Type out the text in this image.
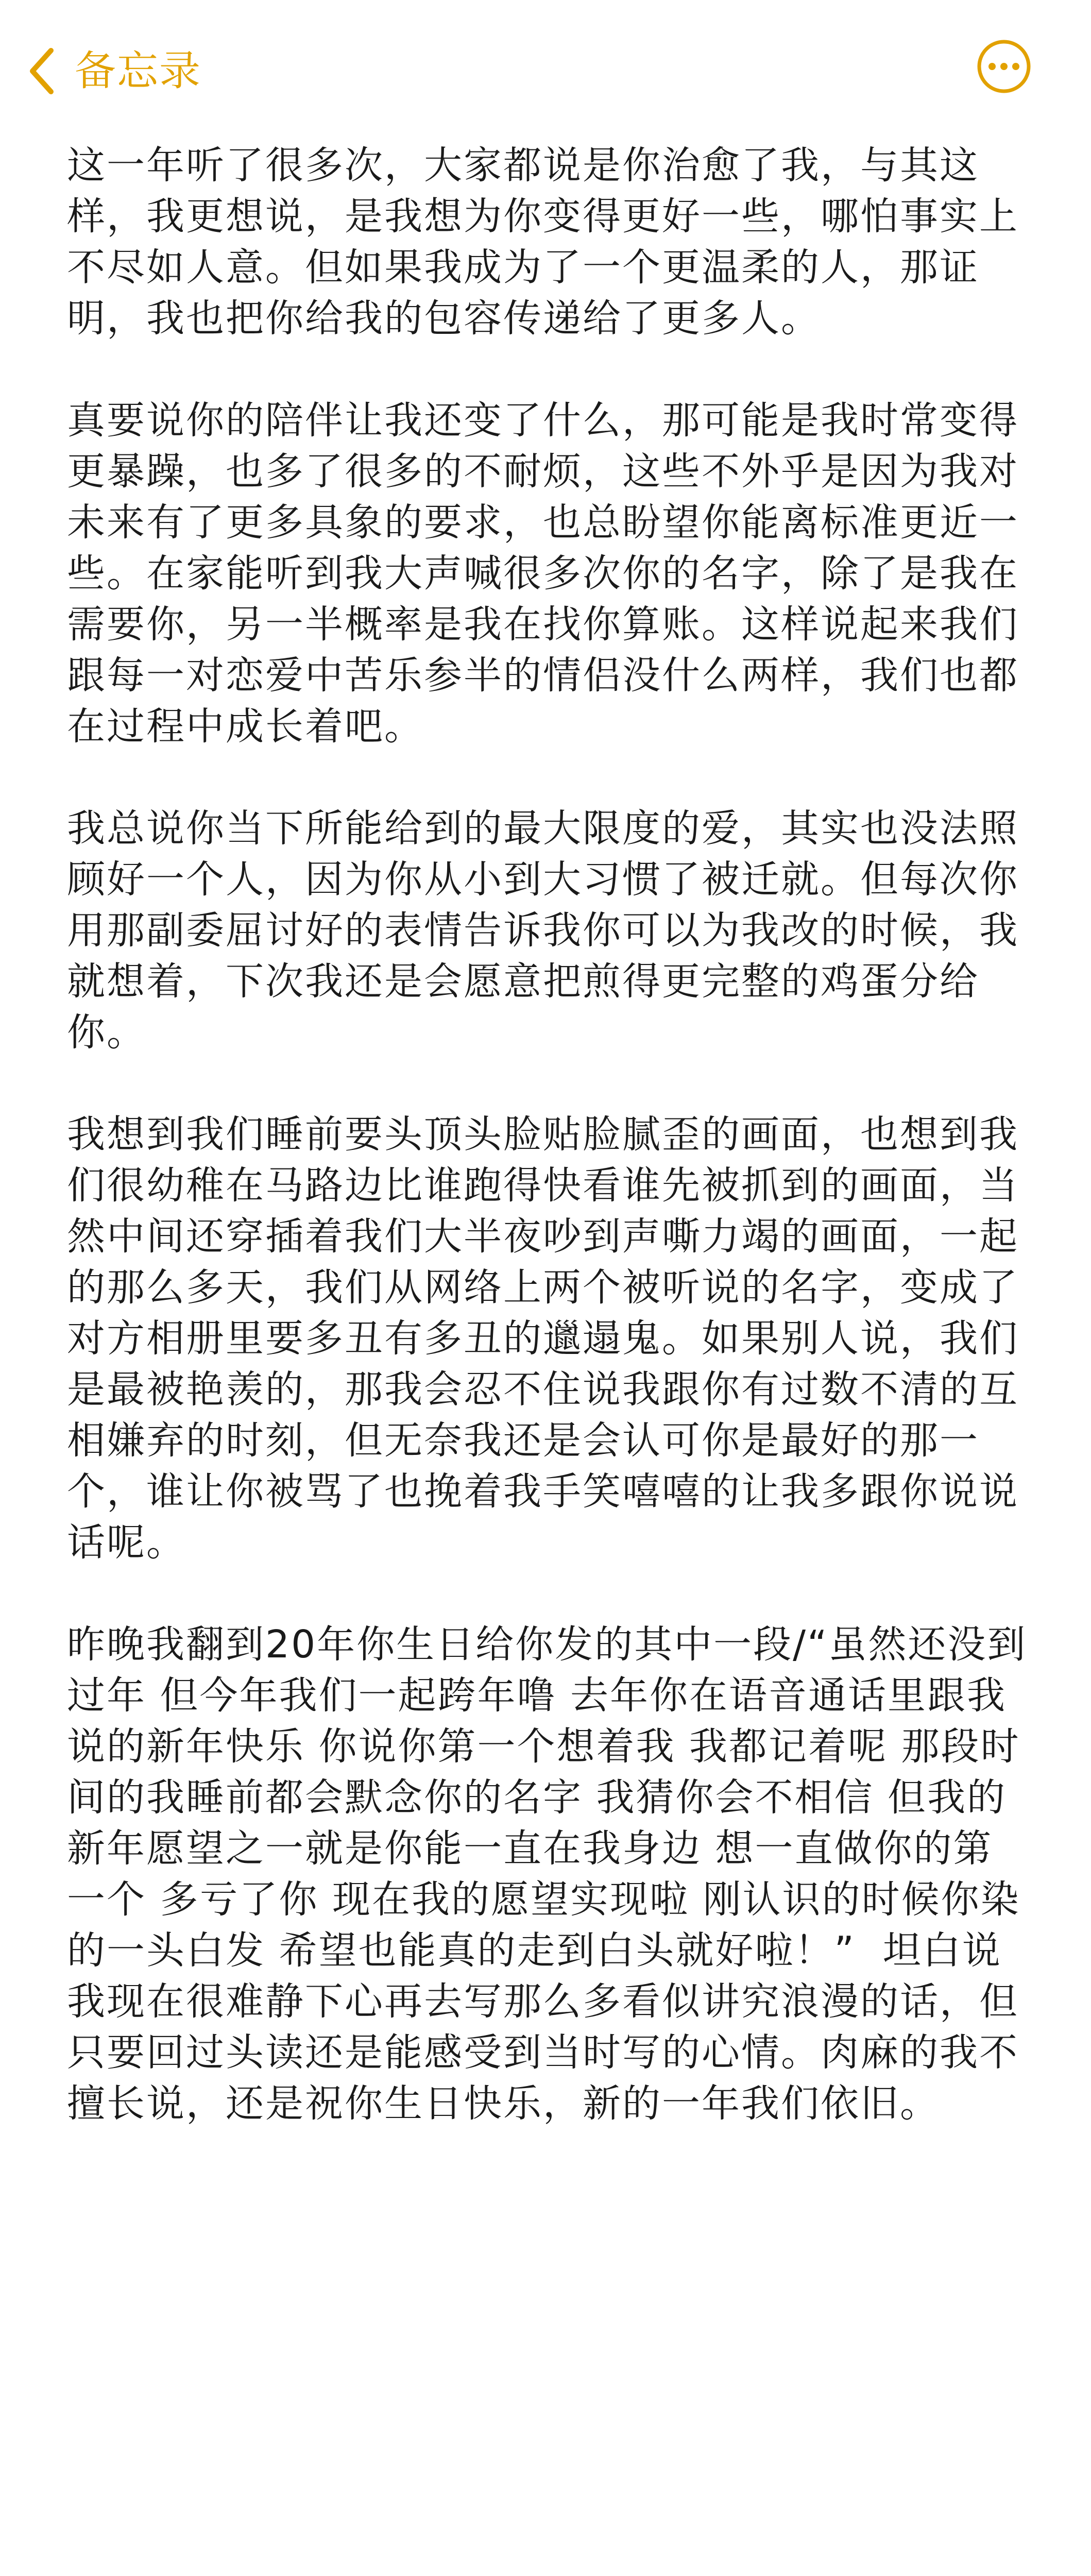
备忘录

这一年听了很多次，大家都说是你治愈了我，与其这样，我更想说，是我想为你变得更好一些，哪怕事实上不尽如人意。但如果我成为了一个更温柔的人，那证明，我也把你给我的包容传递给了更多人。

真要说你的陪伴让我还变了什么，那可能是我时常变得更暴躁，也多了很多的不耐烦，这些不外乎是因为我对未来有了更多具象的要求，也总盼望你能离标准更近一些。在家能听到我大声喊很多次你的名字，除了是我在需要你，另一半概率是我在找你算账。这样说起来我们跟每一对恋爱中苦乐参半的情侣没什么两样，我们也都在过程中成长着吧。

我总说你当下所能给到的最大限度的爱，其实也没法照顾好一个人，因为你从小到大习惯了被迁就。但每次你用那副委屈讨好的表情告诉我你可以为我改的时候，我就想着，下次我还是会愿意把煎得更完整的鸡蛋分给你。

我想到我们睡前要头顶头脸贴脸腻歪的画面，也想到我们很幼稚在马路边比谁跑得快看谁先被抓到的画面，当然中间还穿插着我们大半夜吵到声嘶力竭的画面，一起的那么多天，我们从网络上两个被听说的名字，变成了对方相册里要多丑有多丑的邋遢鬼。如果别人说，我们是最被艳羡的，那我会忍不住说我跟你有过数不清的互相嫌弃的时刻，但无奈我还是会认可你是最好的那一个，谁让你被骂了也挽着我手笑嘻嘻的让我多跟你说说话呢。

昨晚我翻到20年你生日给你发的其中一段/“虽然还没到过年 但今年我们一起跨年噜 去年你在语音通话里跟我说的新年快乐 你说你第一个想着我 我都记着呢 那段时间的我睡前都会默念你的名字 我猜你会不相信 但我的新年愿望之一就是你能一直在我身边 想一直做你的第一个 多亏了你 现在我的愿望实现啦 刚认识的时候你染的一头白发 希望也能真的走到白头就好啦！”  坦白说我现在很难静下心再去写那么多看似讲究浪漫的话，但只要回过头读还是能感受到当时写的心情。肉麻的我不擅长说，还是祝你生日快乐，新的一年我们依旧。
